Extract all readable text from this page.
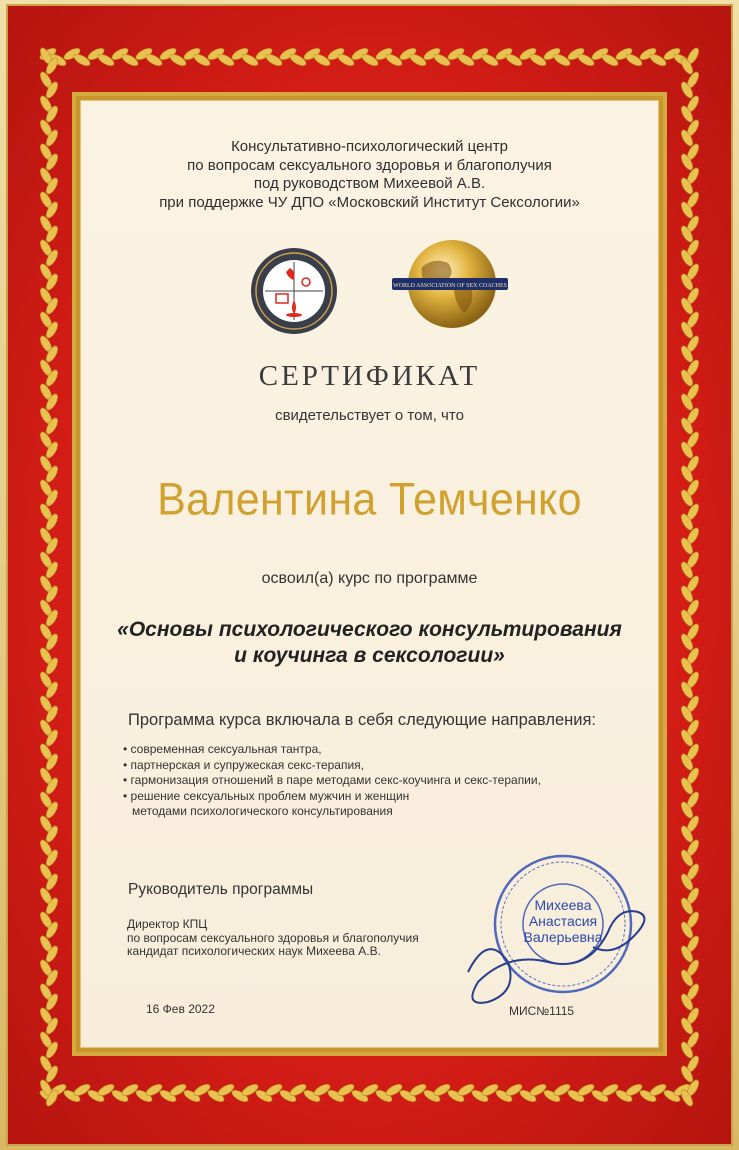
Консультативно-психологический центр
по вопросам сексуального здоровья и благополучия
под руководством Михеевой А.В.
при поддержке ЧУ ДПО «Московский Институт Сексологии»
WORLD ASSOCIATION OF SEX COACHES
СЕРТИФИКАТ
свидетельствует о том, что
Валентина Темченко
освоил(а) курс по программе
«Основы психологического консультирования
и коучинга в сексологии»
Программа курса включала в себя следующие направления:
• современная сексуальная тантра,
• партнерская и супружеская секс-терапия,
• гармонизация отношений в паре методами секс-коучинга и секс-терапии,
• решение сексуальных проблем мужчин и женщин
методами психологического консультирования
Руководитель программы
Директор КПЦ
по вопросам сексуального здоровья и благополучия
кандидат психологических наук Михеева А.В.
16 Фев 2022	МИС№1115
Михеева
Анастасия
Валерьевна
